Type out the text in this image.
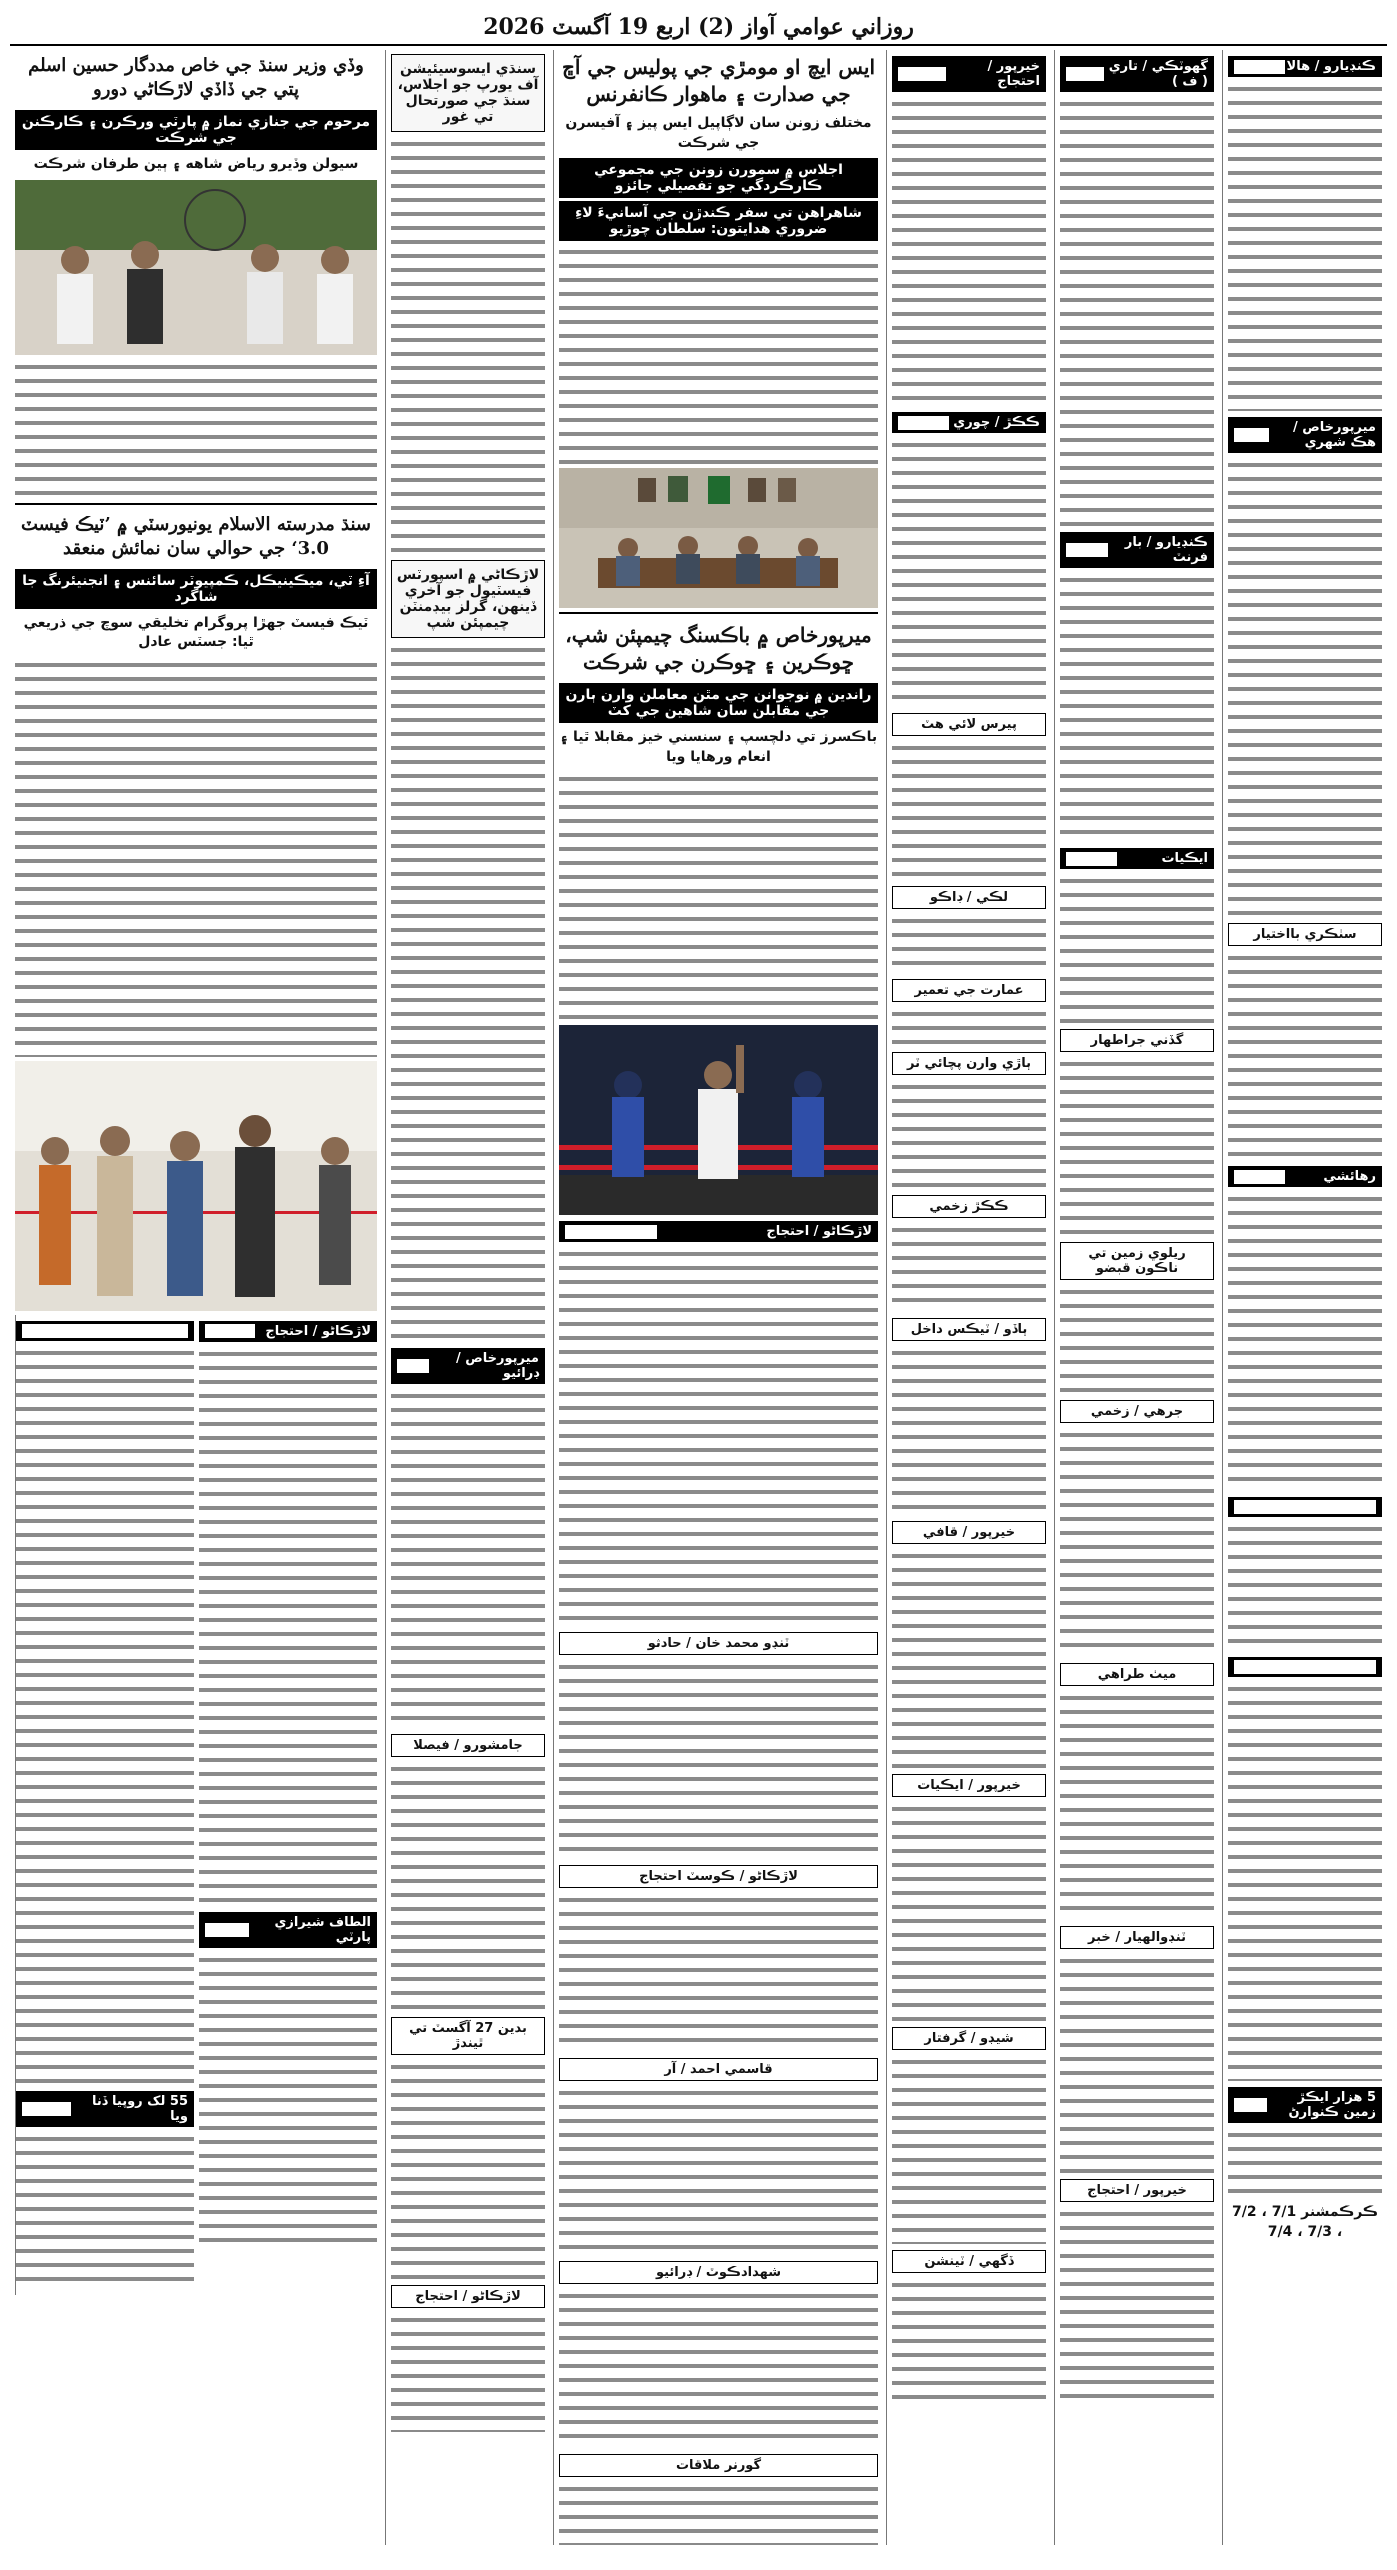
روزاني عوامي آواز (2) اربع 19 آگسٽ 2026
ڪنڊيارو / هالا
ميرپورخاص / هڪ شهري
سٺڪري بااختيار
رهائشي
5 هزار ايڪڙ زمين ڪنوارڻ
ڪرڪمشنر 7/1 ، 7/2 ، 7/3 ، 7/4
گهوٽڪي / تاري ( ف )
ڪنڊيارو / بار فرنٽ
ايڪيات
گڏني جراطهار
ريلوي زمين تي ناڪون قبضو
جرهي / زخمي
ميٺ طراهي
ٽنڊوالهيار / خبر
خيرپور / احتجاج
خيرپور / احتجاج
ڪڪڙ / چوري
پيرس لائي هٽ
لڪي / ڊاڪو
عمارت جي تعمير
ٻاڙي وارن پچائي ٽر
ڪڪڙ زخمي
ٻاڏو / ٽيڪس داخل
خيرپور / قافي
خيرپور / ايڪيات
شيڊو / گرفتار
ڏگهي / ٽينشن
ايس ايچ او مومڙي جي پوليس جي آڇ جي صدارت ۽ ماهوار ڪانفرنس
مختلف زونن سان لاڳاپيل ايس پيز ۽ آفيسرن جي شرڪت
اجلاس ۾ سمورن زونن جي مجموعي ڪارڪردگي جو تفصيلي جائزو
شاهراهن تي سفر ڪندڙن جي آسانيءَ لاءِ ضروري هدايتون: سلطان چوڙيو
ميرپورخاص ۾ باڪسنگ چيمپئن شپ، ڇوڪرين ۽ ڇوڪرن جي شرڪت
راندين ۾ نوجوانن جي مٿن معاملن وارن ٻارن جي مقابلن سان شاهين جي کٽ
باڪسرز تي دلچسپ ۽ سنسني خيز مقابلا ٿيا ۽ انعام ورهايا ويا
لاڙڪاڻو / احتجاج
ٽنڊو محمد خان / حادثو
لاڙڪاڻو / ڪوسٽ احتجاج
قاسمي احمد / آر
شهدادڪوٽ / ڊرائيو
گورنر ملاقات
سنڌي ايسوسيئيشن آف يورپ جو اجلاس، سنڌ جي صورتحال تي غور
لاڙڪاڻي ۾ اسپورٽس فيسٽيول جو آخري ڏينهن، گرلز بيڊمنٽن چيمپئن شپ
ميرپورخاص / ڊرائيو
جامشورو / فيصلا
بدين 27 آگسٽ تي ٿيندڙ
لاڙڪاڻو / احتجاج
وڏي وزير سنڌ جي خاص مددگار حسين اسلم پتي جي ڏاڏي لاڙڪاڻي دورو
مرحوم جي جنازي نماز ۾ پارٽي ورڪرن ۽ ڪارڪنن جي شرڪت
سيولن وڏيرو رياض شاهه ۽ ٻين طرفان شرڪت
سنڌ مدرسته الاسلام يونيورسٽي ۾ ’ٽيڪ فيسٽ 3.0‘ جي حوالي سان نمائش منعقد
آءِ ٽي، ميڪينيڪل، ڪمپيوٽر سائنس ۽ انجنيئرنگ جا شاگرد
ٽيڪ فيسٽ جهڙا پروگرام تخليقي سوچ جي ذريعي ٿيا: جسٽس عادل
لاڙڪاڻو / احتجاج
الطاف شيرازي پارٽي
55 لک روپيا ڏنا ويا
